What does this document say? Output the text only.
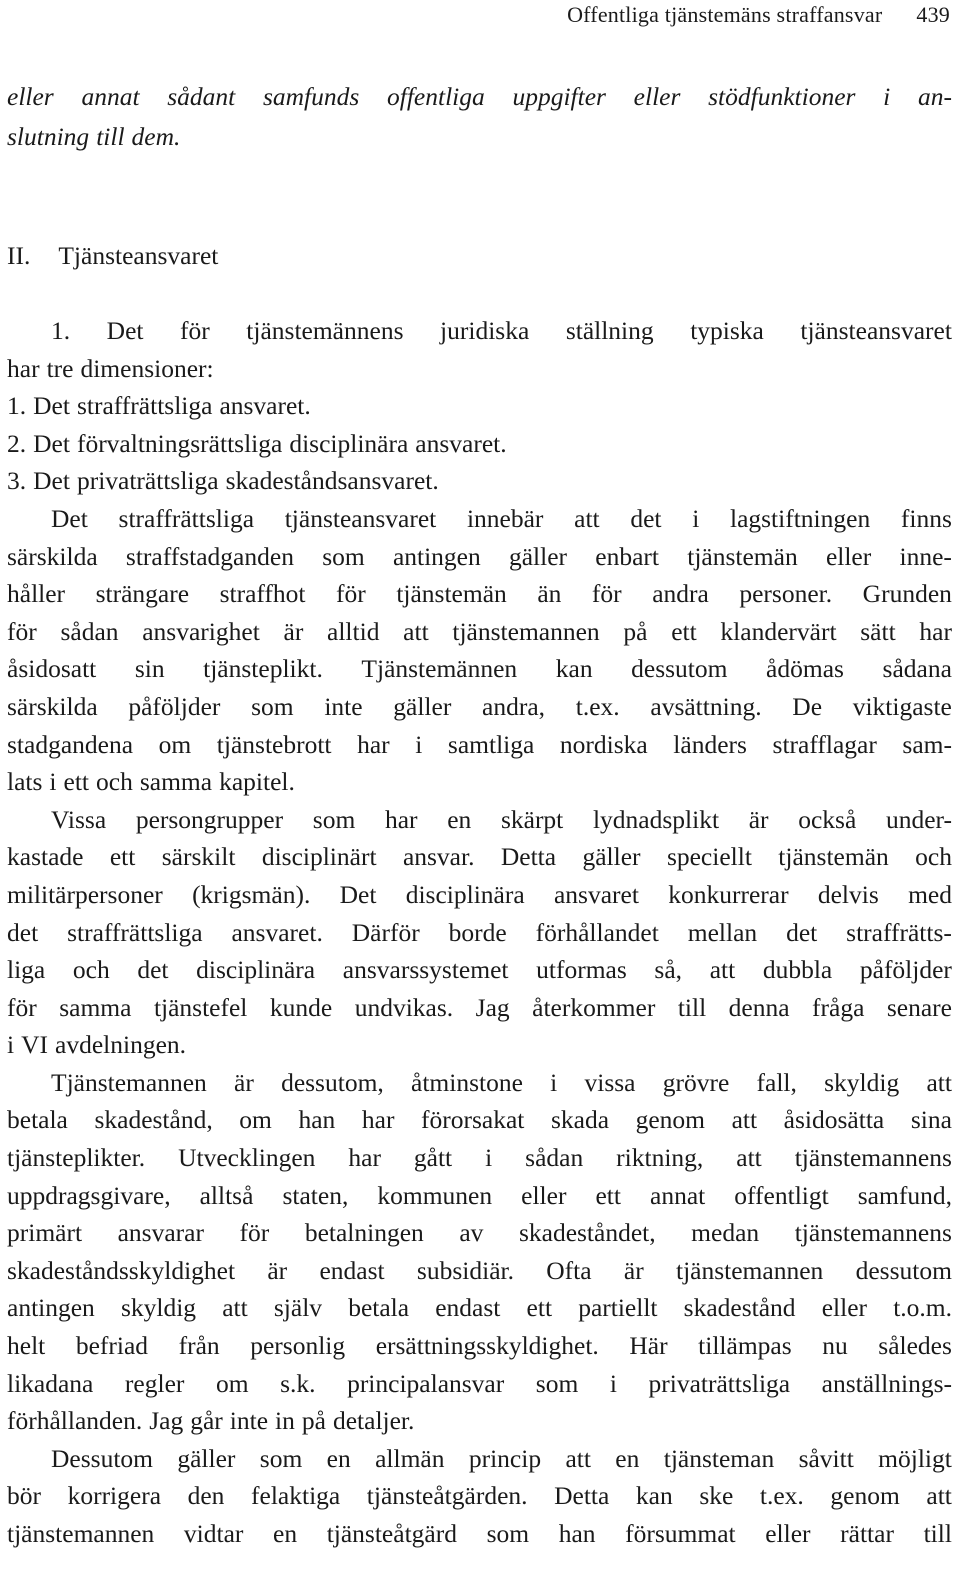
Offentliga tjänstemäns straffansvar 439
eller annat sådant samfunds offentliga uppgifter eller stödfunktioner i an-
slutning till dem.
II. Tjänsteansvaret
1. Det för tjänstemännens juridiska ställning typiska tjänsteansvaret
har tre dimensioner:
1. Det straffrättsliga ansvaret.
2. Det förvaltningsrättsliga disciplinära ansvaret.
3. Det privaträttsliga skadeståndsansvaret.
Det straffrättsliga tjänsteansvaret innebär att det i lagstiftningen finns
särskilda straffstadganden som antingen gäller enbart tjänstemän eller inne-
håller strängare straffhot för tjänstemän än för andra personer. Grunden
för sådan ansvarighet är alltid att tjänstemannen på ett klandervärt sätt har
åsidosatt sin tjänsteplikt. Tjänstemännen kan dessutom ådömas sådana
särskilda påföljder som inte gäller andra, t.ex. avsättning. De viktigaste
stadgandena om tjänstebrott har i samtliga nordiska länders strafflagar sam-
lats i ett och samma kapitel.
Vissa persongrupper som har en skärpt lydnadsplikt är också under-
kastade ett särskilt disciplinärt ansvar. Detta gäller speciellt tjänstemän och
militärpersoner (krigsmän). Det disciplinära ansvaret konkurrerar delvis med
det straffrättsliga ansvaret. Därför borde förhållandet mellan det straffrätts-
liga och det disciplinära ansvarssystemet utformas så, att dubbla påföljder
för samma tjänstefel kunde undvikas. Jag återkommer till denna fråga senare
i VI avdelningen.
Tjänstemannen är dessutom, åtminstone i vissa grövre fall, skyldig att
betala skadestånd, om han har förorsakat skada genom att åsidosätta sina
tjänsteplikter. Utvecklingen har gått i sådan riktning, att tjänstemannens
uppdragsgivare, alltså staten, kommunen eller ett annat offentligt samfund,
primärt ansvarar för betalningen av skadeståndet, medan tjänstemannens
skadeståndsskyldighet är endast subsidiär. Ofta är tjänstemannen dessutom
antingen skyldig att själv betala endast ett partiellt skadestånd eller t.o.m.
helt befriad från personlig ersättningsskyldighet. Här tillämpas nu således
likadana regler om s.k. principalansvar som i privaträttsliga anställnings-
förhållanden. Jag går inte in på detaljer.
Dessutom gäller som en allmän princip att en tjänsteman såvitt möjligt
bör korrigera den felaktiga tjänsteåtgärden. Detta kan ske t.ex. genom att
tjänstemannen vidtar en tjänsteåtgärd som han försummat eller rättar till
